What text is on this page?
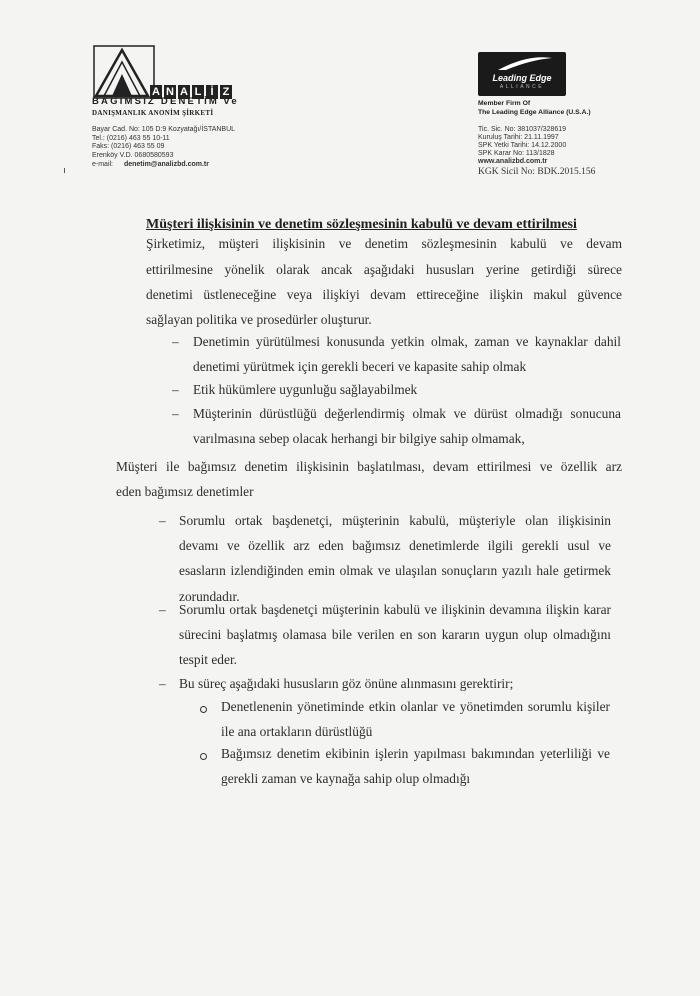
A N A L İ Z
BAĞIMSIZ DENETİM ve
DANIŞMANLIK ANONİM ŞİRKETİ
Bayar Cad. No: 105 D:9 Kozyatağı/İSTANBUL
Tel.: (0216) 463 55 10-11
Faks: (0216) 463 55 09
Erenköy V.D. 0680580593
e-mail: denetim@analizbd.com.tr
Leading Edge
ALLIANCE
Member Firm Of
The Leading Edge Alliance (U.S.A.)
Tic. Sic. No: 381037/328619
Kuruluş Tarihi: 21.11.1997
SPK Yetki Tarihi: 14.12.2000
SPK Karar No: 113/1828
www.analizbd.com.tr
KGK Sicil No: BDK.2015.156
Müşteri ilişkisinin ve denetim sözleşmesinin kabulü ve devam ettirilmesi
Şirketimiz, müşteri ilişkisinin ve denetim sözleşmesinin kabulü ve devam
ettirilmesine yönelik olarak ancak aşağıdaki hususları yerine getirdiği sürece
denetimi üstleneceğine veya ilişkiyi devam ettireceğine ilişkin makul güvence
sağlayan politika ve prosedürler oluşturur.
– Denetimin yürütülmesi konusunda yetkin olmak, zaman ve kaynaklar dahil
denetimi yürütmek için gerekli beceri ve kapasite sahip olmak
– Etik hükümlere uygunluğu sağlayabilmek
– Müşterinin dürüstlüğü değerlendirmiş olmak ve dürüst olmadığı sonucuna
varılmasına sebep olacak herhangi bir bilgiye sahip olmamak,
Müşteri ile bağımsız denetim ilişkisinin başlatılması, devam ettirilmesi ve özellik arz
eden bağımsız denetimler
– Sorumlu ortak başdenetçi, müşterinin kabulü, müşteriyle olan ilişkisinin
devamı ve özellik arz eden bağımsız denetimlerde ilgili gerekli usul ve
esasların izlendiğinden emin olmak ve ulaşılan sonuçların yazılı hale getirmek
zorundadır.
– Sorumlu ortak başdenetçi müşterinin kabulü ve ilişkinin devamına ilişkin karar
sürecini başlatmış olamasa bile verilen en son kararın uygun olup olmadığını
tespit eder.
– Bu süreç aşağıdaki hususların göz önüne alınmasını gerektirir;
Denetlenenin yönetiminde etkin olanlar ve yönetimden sorumlu kişiler
ile ana ortakların dürüstlüğü
Bağımsız denetim ekibinin işlerin yapılması bakımından yeterliliği ve
gerekli zaman ve kaynağa sahip olup olmadığı
